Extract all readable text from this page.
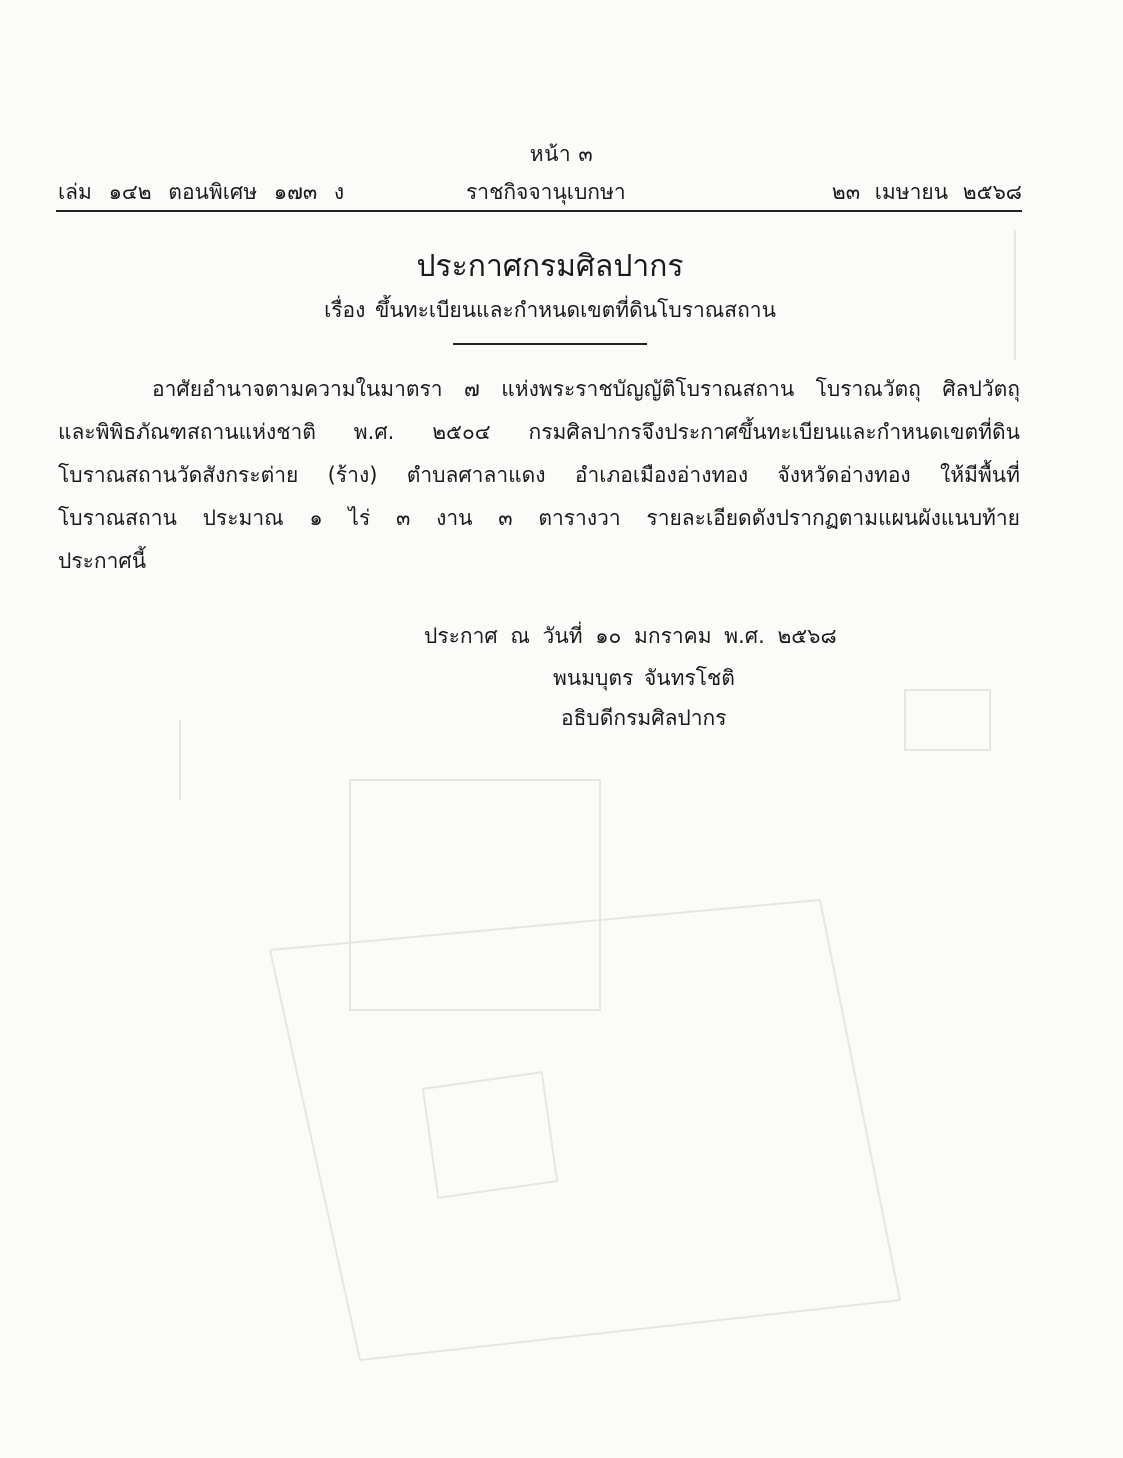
หน้า ๓
เล่ม ๑๔๒ ตอนพิเศษ ๑๗๓ ง	ราชกิจจานุเบกษา	๒๓ เมษายน ๒๕๖๘
ประกาศกรมศิลปากร
เรื่อง ขึ้นทะเบียนและกำหนดเขตที่ดินโบราณสถาน
อาศัยอำนาจตามความในมาตรา ๗ แห่งพระราชบัญญัติโบราณสถาน โบราณวัตถุ ศิลปวัตถุ
และพิพิธภัณฑสถานแห่งชาติ พ.ศ. ๒๕๐๔ กรมศิลปากรจึงประกาศขึ้นทะเบียนและกำหนดเขตที่ดิน
โบราณสถานวัดสังกระต่าย (ร้าง) ตำบลศาลาแดง อำเภอเมืองอ่างทอง จังหวัดอ่างทอง ให้มีพื้นที่
โบราณสถาน ประมาณ ๑ ไร่ ๓ งาน ๓ ตารางวา รายละเอียดดังปรากฏตามแผนผังแนบท้าย
ประกาศนี้
ประกาศ ณ วันที่ ๑๐ มกราคม พ.ศ. ๒๕๖๘
พนมบุตร จันทรโชติ
อธิบดีกรมศิลปากร
